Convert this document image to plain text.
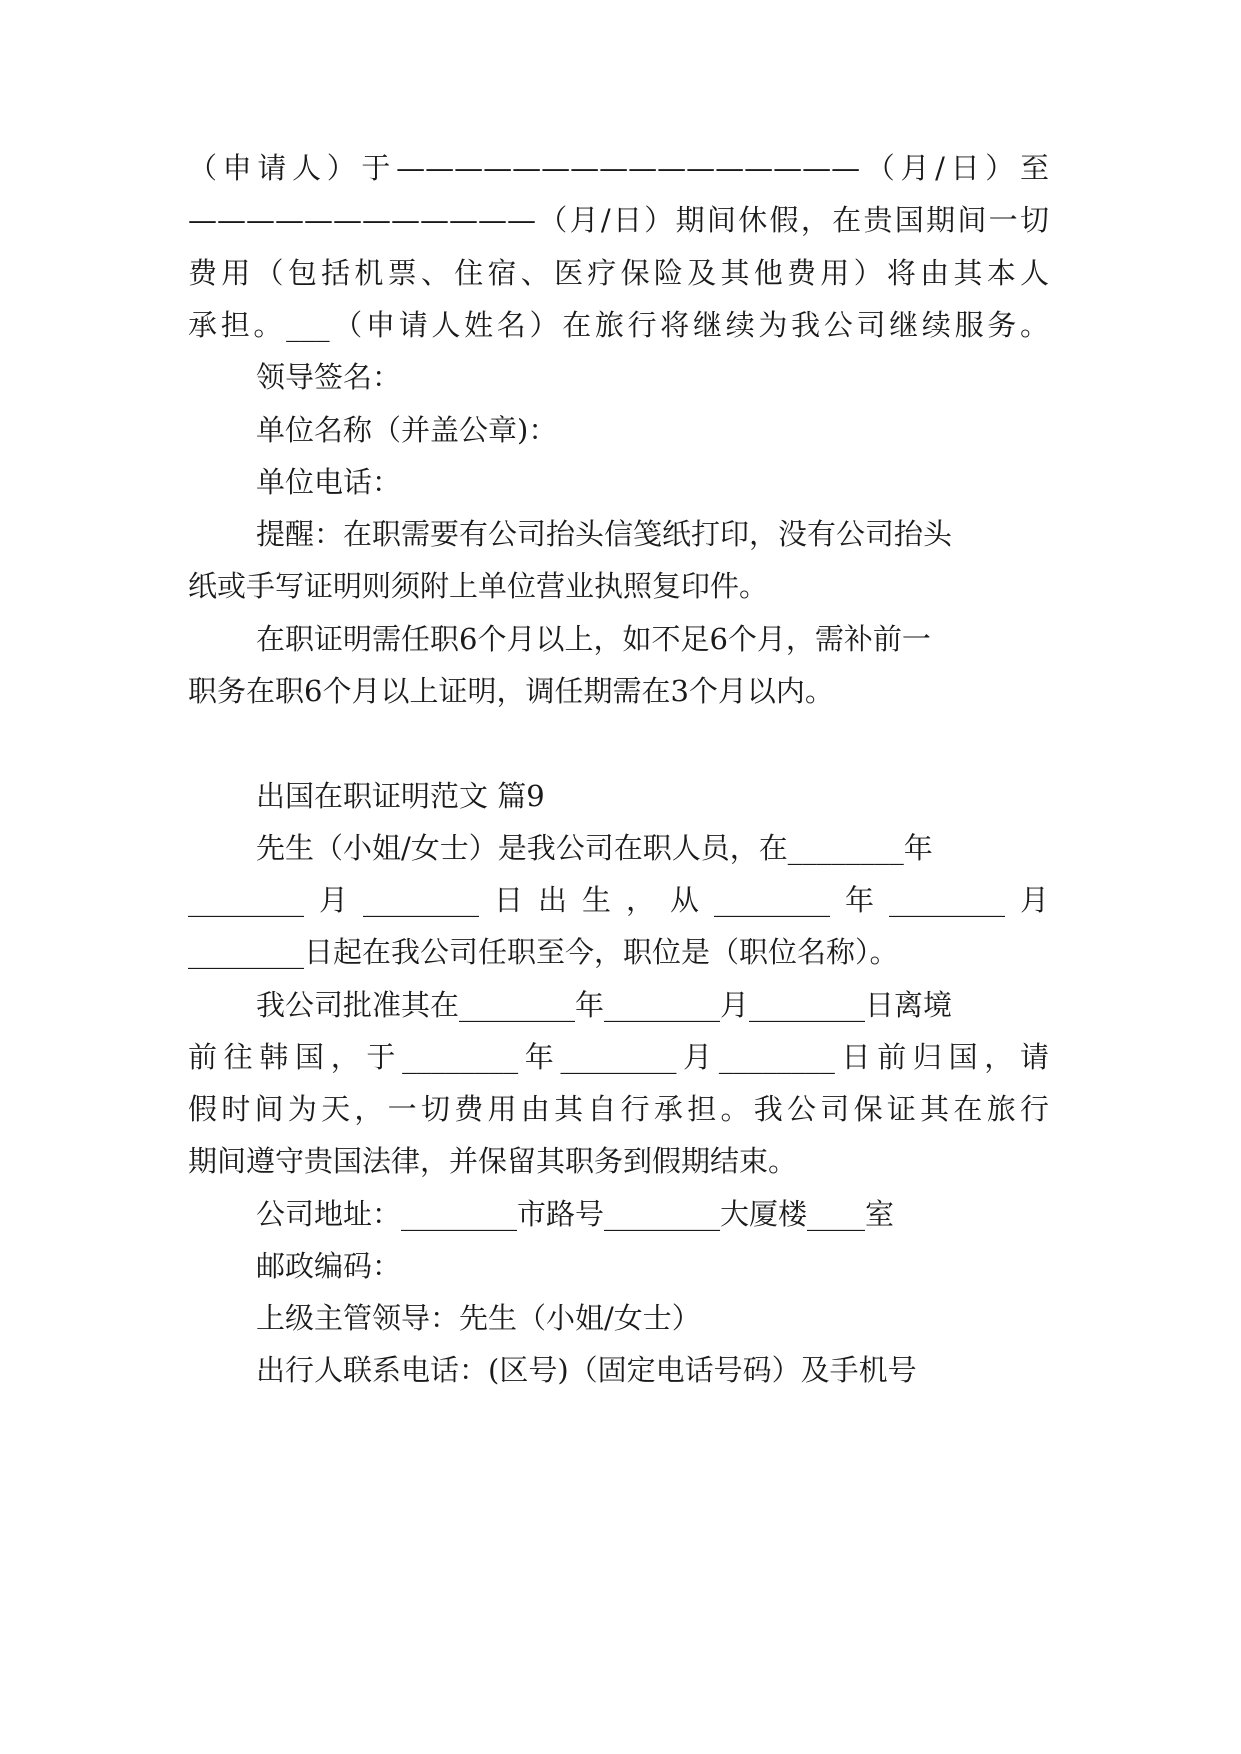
（申请人）于————————————————（月/日）至
————————————（月/日）期间休假，在贵国期间一切
费用（包括机票、住宿、医疗保险及其他费用）将由其本人
承担。___（申请人姓名）在旅行将继续为我公司继续服务。
领导签名：
单位名称（并盖公章)：
单位电话：
提醒：在职需要有公司抬头信笺纸打印，没有公司抬头
纸或手写证明则须附上单位营业执照复印件。
在职证明需任职6个月以上，如不足6个月，需补前一
职务在职6个月以上证明，调任期需在3个月以内。
出国在职证明范文 篇9
先生（小姐/女士）是我公司在职人员，在________年
________月________日出生，从________年________月
________日起在我公司任职至今，职位是（职位名称）。
我公司批准其在________年________月________日离境
前往韩国，于________年________月________日前归国，请
假时间为天，一切费用由其自行承担。我公司保证其在旅行
期间遵守贵国法律，并保留其职务到假期结束。
公司地址：________市路号________大厦楼____室
邮政编码：
上级主管领导：先生（小姐/女士）
出行人联系电话：(区号)（固定电话号码）及手机号
